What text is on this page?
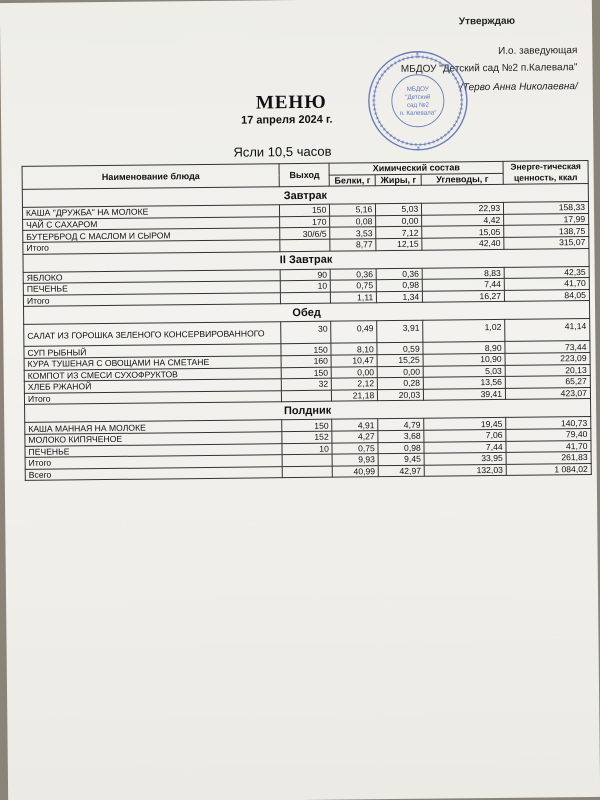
Утверждаю
И.о. заведующая
МБДОУ "Детский сад №2 п.Калевала"
/Терво Анна Николаевна/
МБДОУ
"Детский
сад №2
п. Калевала"
МЕНЮ
17 апреля 2024 г.
Ясли 10,5 часов
Наименование блюда	Выход	Химический состав			Энерге-тическая ценность, ккал
		Белки, г	Жиры, г	Углеводы, г	
Завтрак					
КАША "ДРУЖБА" НА МОЛОКЕ	150	5,16	5,03	22,93	158,33
ЧАЙ С САХАРОМ	170	0,08	0,00	4,42	17,99
БУТЕРБРОД С МАСЛОМ И СЫРОМ	30/6/5	3,53	7,12	15,05	138,75
Итого		8,77	12,15	42,40	315,07
II Завтрак					
ЯБЛОКО	90	0,36	0,36	8,83	42,35
ПЕЧЕНЬЕ	10	0,75	0,98	7,44	41,70
Итого		1,11	1,34	16,27	84,05
Обед					
САЛАТ ИЗ ГОРОШКА ЗЕЛЕНОГО КОНСЕРВИРОВАННОГО	30	0,49	3,91	1,02	41,14
СУП РЫБНЫЙ	150	8,10	0,59	8,90	73,44
КУРА ТУШЕНАЯ С ОВОЩАМИ НА СМЕТАНЕ	160	10,47	15,25	10,90	223,09
КОМПОТ ИЗ СМЕСИ СУХОФРУКТОВ	150	0,00	0,00	5,03	20,13
ХЛЕБ РЖАНОЙ	32	2,12	0,28	13,56	65,27
Итого		21,18	20,03	39,41	423,07
Полдник					
КАША МАННАЯ НА МОЛОКЕ	150	4,91	4,79	19,45	140,73
МОЛОКО КИПЯЧЕНОЕ	152	4,27	3,68	7,06	79,40
ПЕЧЕНЬЕ	10	0,75	0,98	7,44	41,70
Итого		9,93	9,45	33,95	261,83
Всего		40,99	42,97	132,03	1 084,02
